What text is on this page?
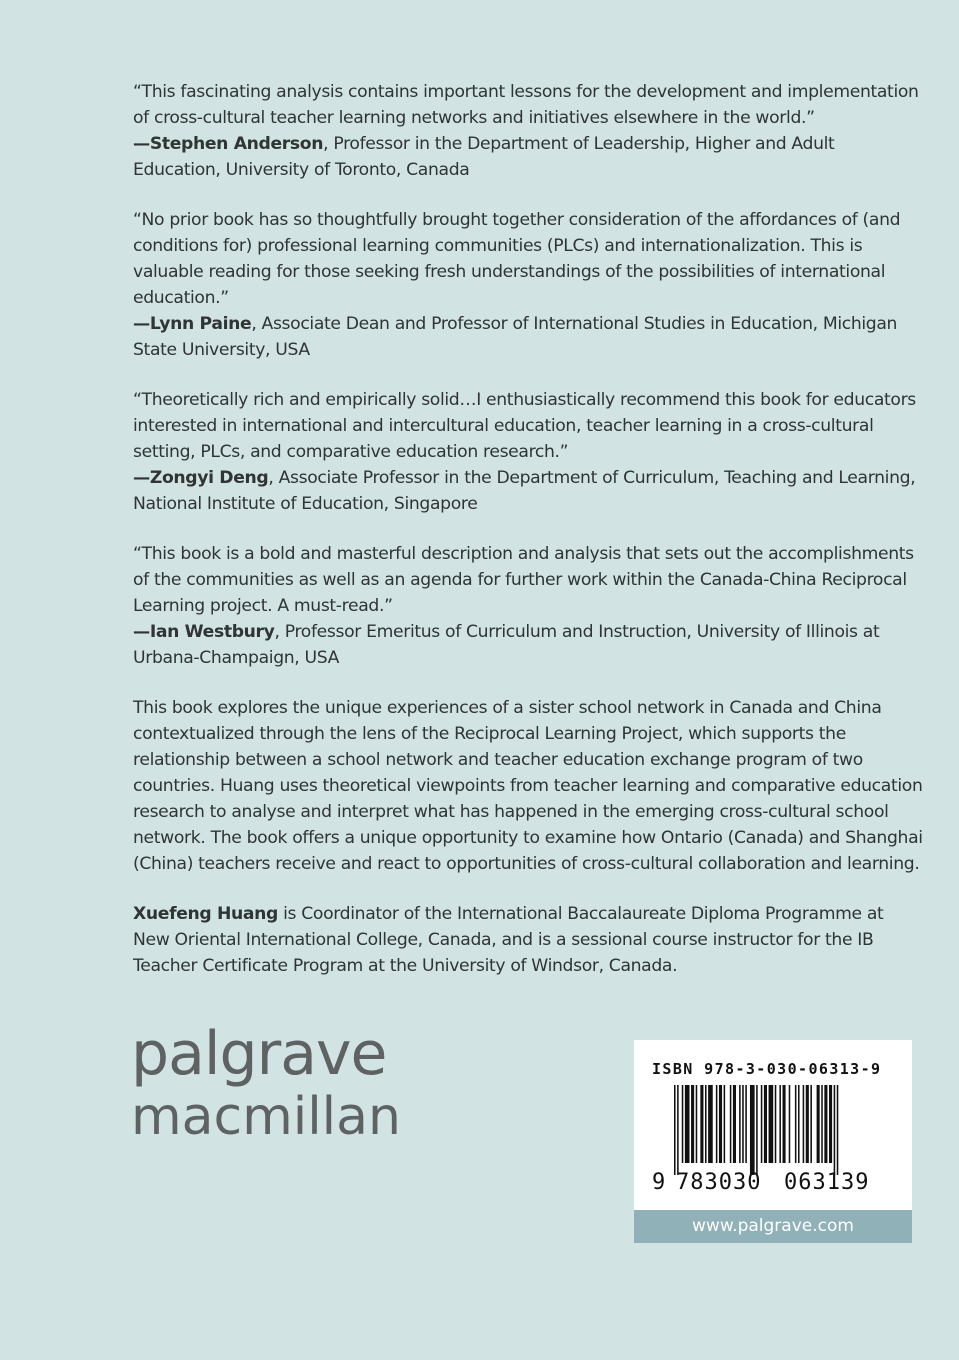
“This fascinating analysis contains important lessons for the development and implementation of cross-cultural teacher learning networks and initiatives elsewhere in the world.”

—Stephen Anderson, Professor in the Department of Leadership, Higher and Adult Education, University of Toronto, Canada

“No prior book has so thoughtfully brought together consideration of the affordances of (and conditions for) professional learning communities (PLCs) and internationalization. This is valuable reading for those seeking fresh understandings of the possibilities of international education.”

—Lynn Paine, Associate Dean and Professor of International Studies in Education, Michigan State University, USA

“Theoretically rich and empirically solid…I enthusiastically recommend this book for educators interested in international and intercultural education, teacher learning in a cross-cultural setting, PLCs, and comparative education research.”

—Zongyi Deng, Associate Professor in the Department of Curriculum, Teaching and Learning, National Institute of Education, Singapore

“This book is a bold and masterful description and analysis that sets out the accomplishments of the communities as well as an agenda for further work within the Canada-China Reciprocal Learning project. A must-read.”

—Ian Westbury, Professor Emeritus of Curriculum and Instruction, University of Illinois at Urbana-Champaign, USA

This book explores the unique experiences of a sister school network in Canada and China contextualized through the lens of the Reciprocal Learning Project, which supports the relationship between a school network and teacher education exchange program of two countries. Huang uses theoretical viewpoints from teacher learning and comparative education research to analyse and interpret what has happened in the emerging cross-cultural school network. The book offers a unique opportunity to examine how Ontario (Canada) and Shanghai (China) teachers receive and react to opportunities of cross-cultural collaboration and learning.

Xuefeng Huang is Coordinator of the International Baccalaureate Diploma Programme at New Oriental International College, Canada, and is a sessional course instructor for the IB Teacher Certificate Program at the University of Windsor, Canada.

palgrave
macmillan
ISBN 978-3-030-06313-9
9 783030 063139
www.palgrave.com
